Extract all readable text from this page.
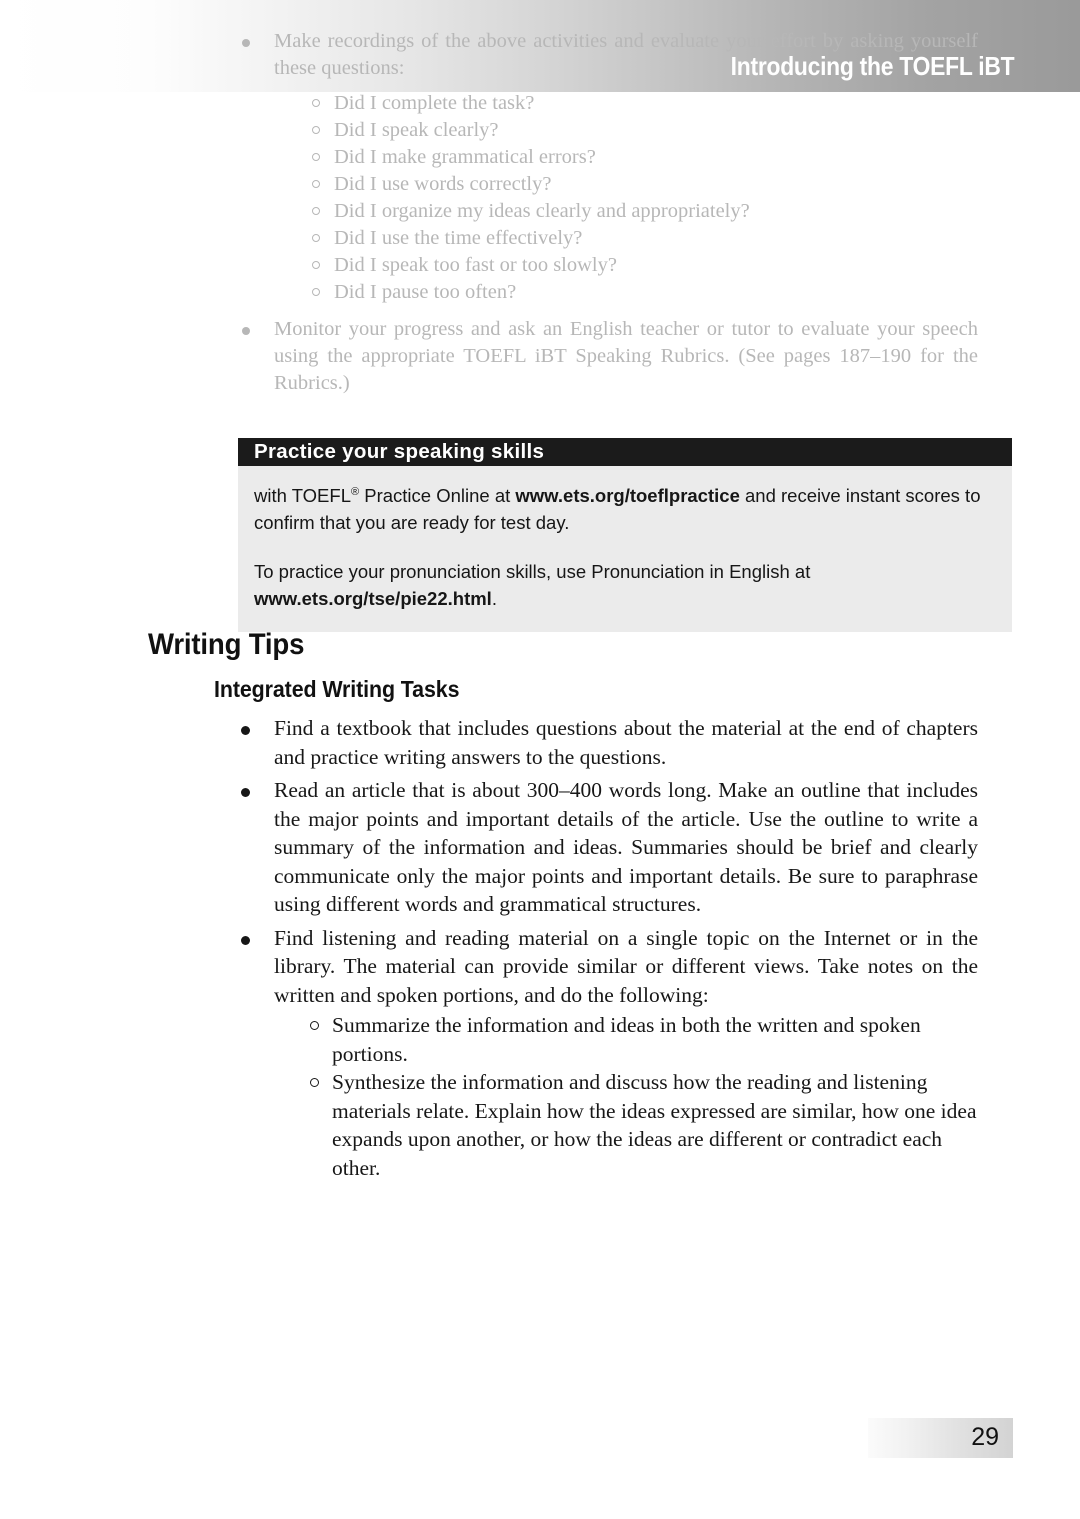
Introducing the TOEFL iBT
Make recordings of the above activities and evaluate your effort by asking yourself these questions:
Did I complete the task?
Did I speak clearly?
Did I make grammatical errors?
Did I use words correctly?
Did I organize my ideas clearly and appropriately?
Did I use the time effectively?
Did I speak too fast or too slowly?
Did I pause too often?
Monitor your progress and ask an English teacher or tutor to evaluate your speech using the appropriate TOEFL iBT Speaking Rubrics. (See pages 187–190 for the Rubrics.)
Practice your speaking skills

with TOEFL® Practice Online at www.ets.org/toeflpractice and receive instant scores to confirm that you are ready for test day.

To practice your pronunciation skills, use Pronunciation in English at www.ets.org/tse/pie22.html.

Writing Tips
Integrated Writing Tasks
Find a textbook that includes questions about the material at the end of chapters and practice writing answers to the questions.
Read an article that is about 300–400 words long. Make an outline that includes the major points and important details of the article. Use the outline to write a summary of the information and ideas. Summaries should be brief and clearly communicate only the major points and important details. Be sure to paraphrase using different words and grammatical structures.
Find listening and reading material on a single topic on the Internet or in the library. The material can provide similar or different views. Take notes on the written and spoken portions, and do the following:
Summarize the information and ideas in both the written and spoken portions.
Synthesize the information and discuss how the reading and listening materials relate. Explain how the ideas expressed are similar, how one idea expands upon another, or how the ideas are different or contradict each other.
29
